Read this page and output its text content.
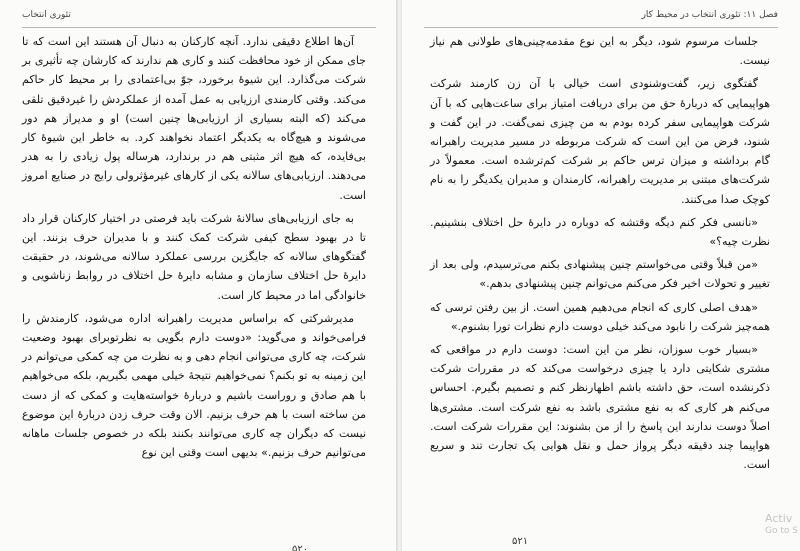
تئوری انتخاب

آن‌ها اطلاع دقیقی ندارد. آنچه کارکنان به دنبال آن هستند این است که تا جای ممکن از خود محافظت کنند و کاری هم ندارند که کارشان چه تأثیری بر شرکت می‌گذارد. این شیوهٔ برخورد، جوّ بی‌اعتمادی را بر محیط کار حاکم می‌کند. وقتی کارمندی ارزیابی به عمل آمده از عملکردش را غیردقیق تلقی می‌کند (که البته بسیاری از ارزیابی‌ها چنین است) او و مدیراز هم دور می‌شوند و هیچ‌گاه به یکدیگر اعتماد نخواهند کرد. به خاطر این شیوهٔ کار بی‌فایده، که هیچ اثر مثبتی هم در برندارد، هرساله پول زیادی را به هدر می‌دهند. ارزیابی‌های سالانه یکی از کارهای غیرمؤثرولی رایج در صنایع امروز است.

به جای ارزیابی‌های سالانهٔ شرکت باید فرصتی در اختیار کارکنان قرار داد تا در بهبود سطح کیفی شرکت کمک کنند و با مدیران حرف بزنند. این گفتگوهای سالانه که جایگزین بررسی عملکرد سالانه می‌شوند، در حقیقت دایرهٔ حل اختلاف سازمان و مشابه دایرهٔ حل اختلاف در روابط زناشویی و خانوادگی اما در محیط کار است.

مدیرشرکتی که براساس مدیریت راهبرانه اداره می‌شود، کارمندش را فرامی‌خواند و می‌گوید: «دوست دارم بگویی به نظرتوبرای بهبود وضعیت شرکت، چه کاری می‌توانی انجام دهی و به نظرت من چه کمکی می‌توانم در این زمینه به تو بکنم؟ نمی‌خواهیم نتیجهٔ خیلی مهمی بگیریم، بلکه می‌خواهیم با هم صادق و روراست باشیم و دربارهٔ خواسته‌هایت و کمکی که از دست من ساخته است با هم حرف بزنیم. الان وقت حرف زدن دربارهٔ این موضوع نیست که دیگران چه کاری می‌توانند بکنند بلکه در خصوص جلسات ماهانه می‌توانیم حرف بزنیم.» بدیهی است وقتی این نوع

۵۲۰
فصل ۱۱: تئوری انتخاب در محیط کار

جلسات مرسوم شود، دیگر به این نوع مقدمه‌چینی‌های طولانی هم نیاز نیست.

گفتگوی زیر، گفت‌وشنودی است خیالی با آن زن کارمند شرکت هواپیمایی که دربارهٔ حق من برای دریافت امتیاز برای ساعت‌هایی که با آن شرکت هواپیمایی سفر کرده بودم به من چیزی نمی‌گفت. در این گفت و شنود، فرض من این است که شرکت مربوطه در مسیر مدیریت راهبرانه گام برداشته و میزان ترس حاکم بر شرکت کم‌ترشده است. معمولاً در شرکت‌های مبتنی بر مدیریت راهبرانه، کارمندان و مدیران یکدیگر را به نام کوچک صدا می‌کنند.

«نانسی فکر کنم دیگه وقتشه که دوباره در دایرهٔ حل اختلاف بنشینیم. نظرت چیه؟»

«من قبلاً وقتی می‌خواستم چنین پیشنهادی بکنم می‌ترسیدم، ولی بعد از تغییر و تحولات اخیر فکر می‌کنم می‌توانم چنین پیشنهادی بدهم.»

«هدف اصلی کاری که انجام می‌دهیم همین است. از بین رفتن ترسی که همه‌چیز شرکت را نابود می‌کند خیلی دوست دارم نظرات تورا بشنوم.»

«بسیار خوب سوزان، نظر من این است: دوست دارم در مواقعی که مشتری شکایتی دارد یا چیزی درخواست می‌کند که در مقررات شرکت ذکرنشده است، حق داشته باشم اظهارنظر کنم و تصمیم بگیرم. احساس می‌کنم هر کاری که به نفع مشتری باشد به نفع شرکت است. مشتری‌ها اصلاً دوست ندارند این پاسخ را از من بشنوند: این مقررات شرکت است. هواپیما چند دقیقه دیگر پرواز حمل و نقل هوایی یک تجارت تند و سریع است.

۵۲۱
Activ
Go to S
